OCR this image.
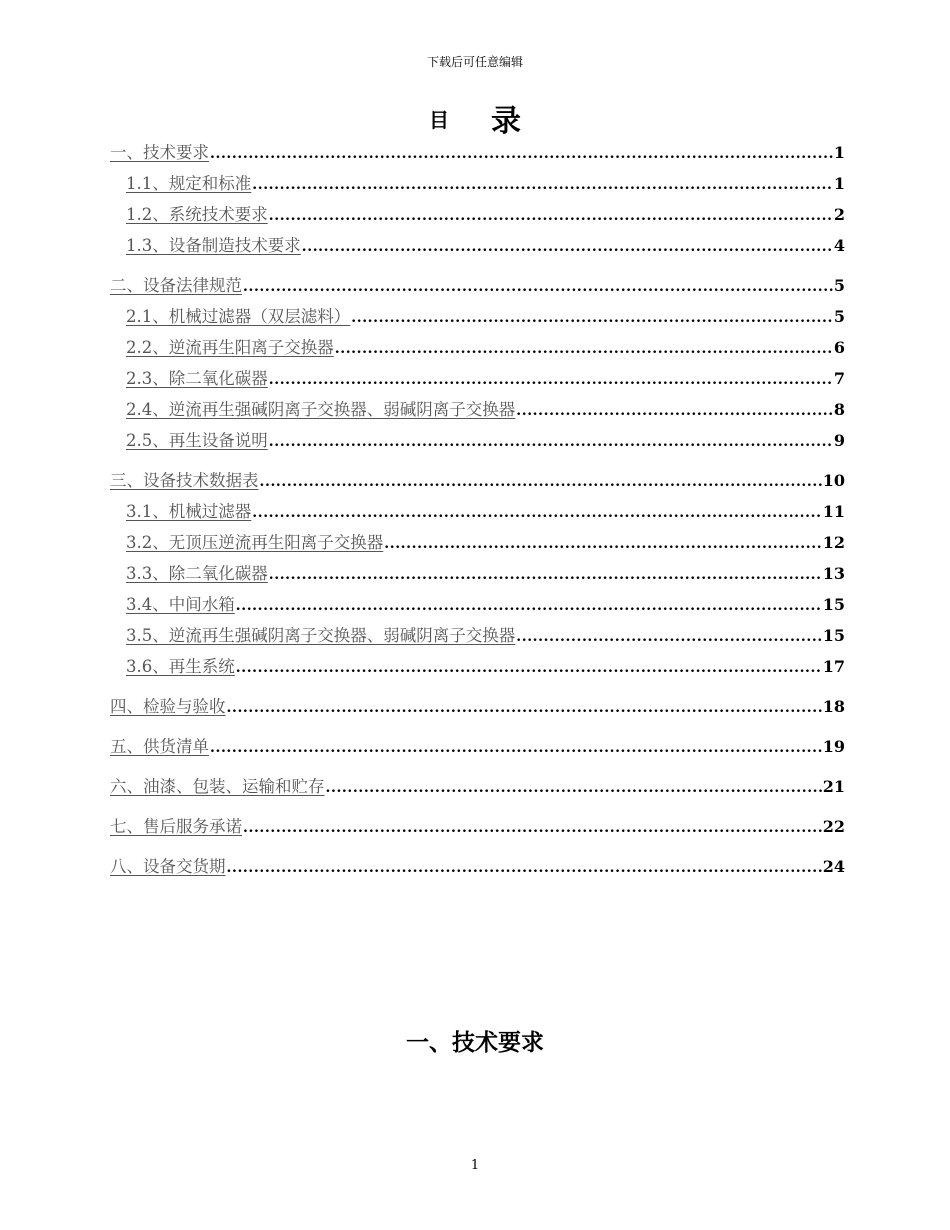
下载后可任意编辑
目 录
一、技术要求 .....	1
1.1、规定和标准 .....	1
1.2、系统技术要求 .....	2
1.3、设备制造技术要求 .....	4
二、设备法律规范 .....	5
2.1、机械过滤器（双层滤料） .....	5
2.2、逆流再生阳离子交换器 .....	6
2.3、除二氧化碳器 .....	7
2.4、逆流再生强碱阴离子交换器、弱碱阴离子交换器 .....	8
2.5、再生设备说明 .....	9
三、设备技术数据表 .....	10
3.1、机械过滤器 .....	11
3.2、无顶压逆流再生阳离子交换器 .....	12
3.3、除二氧化碳器 .....	13
3.4、中间水箱 .....	15
3.5、逆流再生强碱阴离子交换器、弱碱阴离子交换器 .....	15
3.6、再生系统 .....	17
四、检验与验收 .....	18
五、供货清单 .....	19
六、油漆、包装、运输和贮存 .....	21
七、售后服务承诺 .....	22
八、设备交货期 .....	24
一、技术要求
1
